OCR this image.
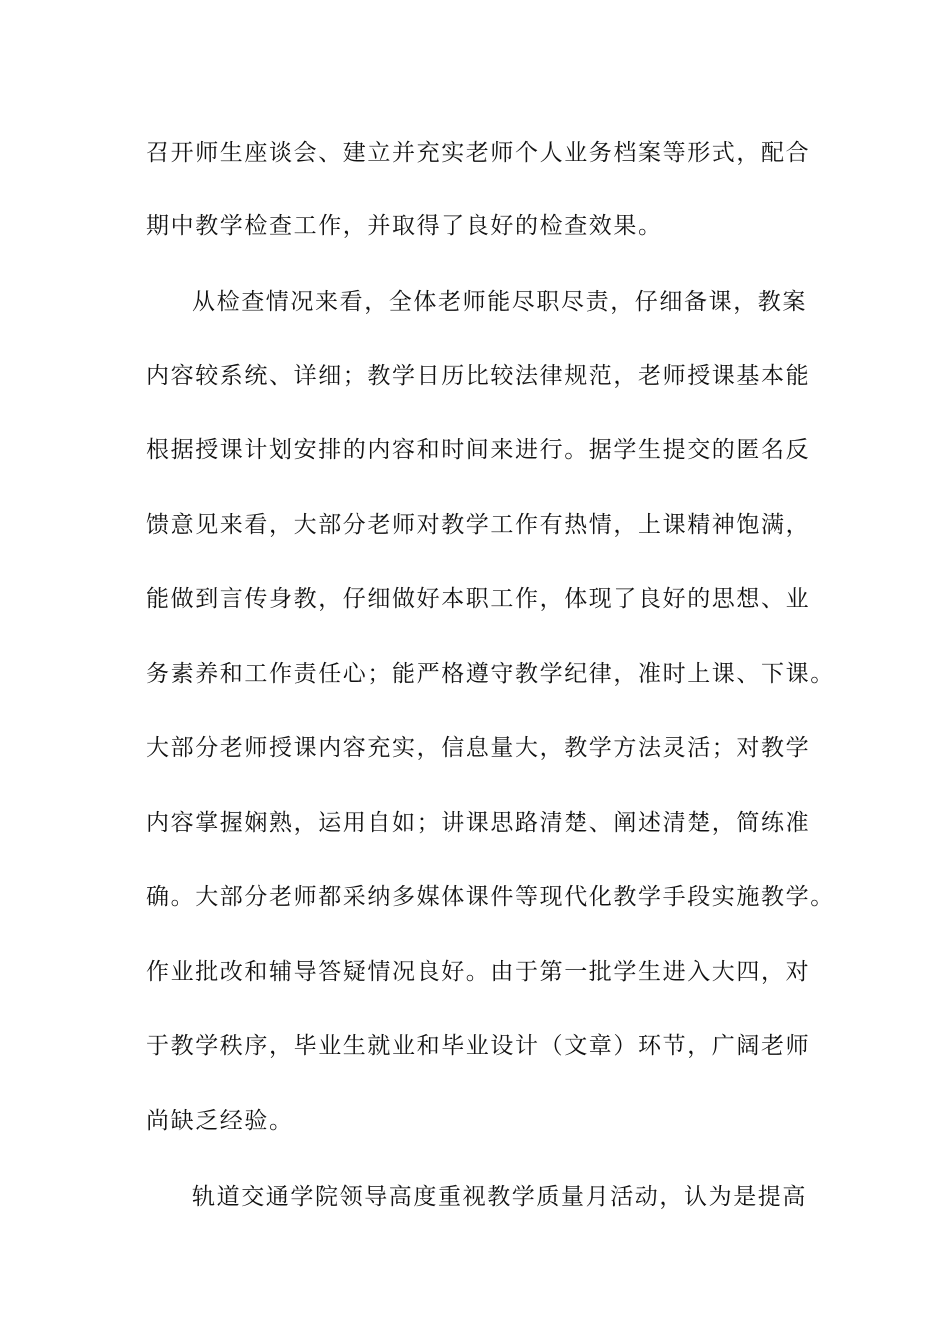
召开师生座谈会、建立并充实老师个人业务档案等形式，配合
期中教学检查工作，并取得了良好的检查效果。
从检查情况来看，全体老师能尽职尽责，仔细备课，教案
内容较系统、详细；教学日历比较法律规范，老师授课基本能
根据授课计划安排的内容和时间来进行。据学生提交的匿名反
馈意见来看，大部分老师对教学工作有热情，上课精神饱满，
能做到言传身教，仔细做好本职工作，体现了良好的思想、业
务素养和工作责任心；能严格遵守教学纪律，准时上课、下课。
大部分老师授课内容充实，信息量大，教学方法灵活；对教学
内容掌握娴熟，运用自如；讲课思路清楚、阐述清楚，简练准
确。大部分老师都采纳多媒体课件等现代化教学手段实施教学。
作业批改和辅导答疑情况良好。由于第一批学生进入大四，对
于教学秩序，毕业生就业和毕业设计（文章）环节，广阔老师
尚缺乏经验。
轨道交通学院领导高度重视教学质量月活动，认为是提高
